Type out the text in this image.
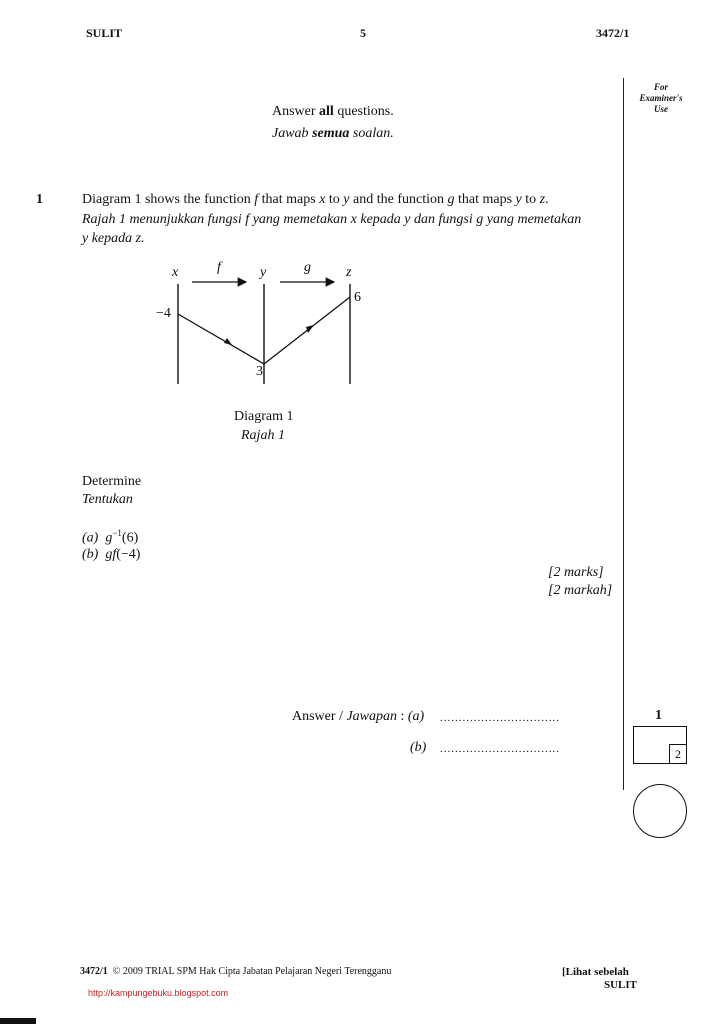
SULIT	5	3472/1
For
Examiner's
Use
Answer all questions.
Jawab semua soalan.
1	Diagram 1 shows the function f that maps x to y and the function g that maps y to z.
Rajah 1 menunjukkan fungsi f yang memetakan x kepada y dan fungsi g yang memetakan
y kepada z.
x	f	y	g	z
−4
3
6
Diagram 1
Rajah 1
Determine
Tentukan
(a) $g^{-1}(6)$
(b) gf(−4)
[2 marks]
[2 markah]
Answer / Jawapan : (a) ................................
(b) ................................
1
2
3472/1 © 2009 TRIAL SPM Hak Cipta Jabatan Pelajaran Negeri Terengganu	[Lihat sebelah
SULIT
http://kampungebuku.blogspot.com
